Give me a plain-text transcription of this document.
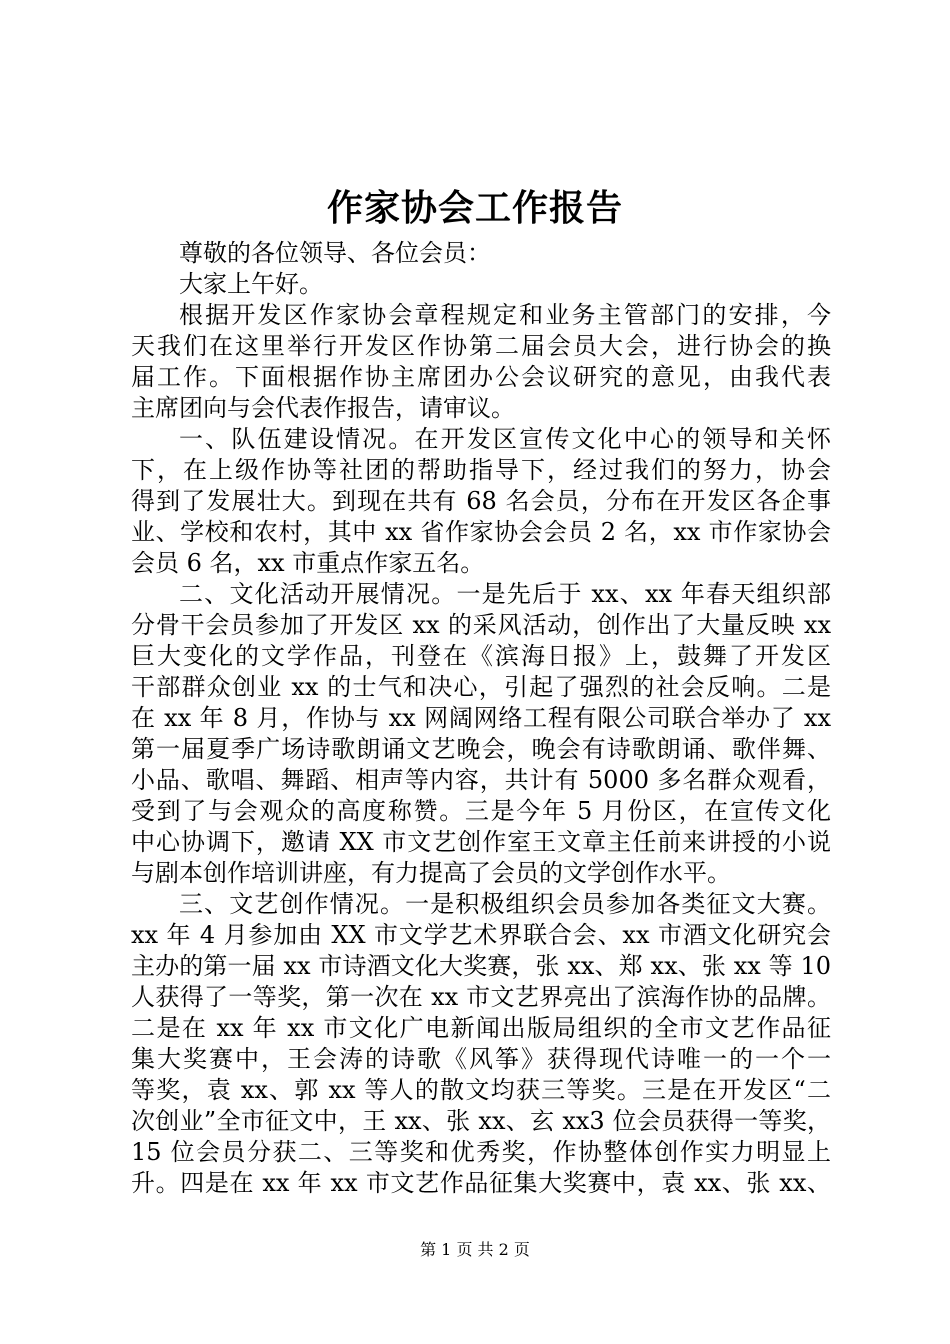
作家协会工作报告
尊敬的各位领导、各位会员：
大家上午好。
根据开发区作家协会章程规定和业务主管部门的安排，今
天我们在这里举行开发区作协第二届会员大会，进行协会的换
届工作。下面根据作协主席团办公会议研究的意见，由我代表
主席团向与会代表作报告，请审议。
一、队伍建设情况。在开发区宣传文化中心的领导和关怀
下，在上级作协等社团的帮助指导下，经过我们的努力，协会
得到了发展壮大。到现在共有 68 名会员，分布在开发区各企事
业、学校和农村，其中 xx 省作家协会会员 2 名，xx 市作家协会
会员 6 名，xx 市重点作家五名。
二、文化活动开展情况。一是先后于 xx、xx 年春天组织部
分骨干会员参加了开发区 xx 的采风活动，创作出了大量反映 xx
巨大变化的文学作品，刊登在《滨海日报》上，鼓舞了开发区
干部群众创业 xx 的士气和决心，引起了强烈的社会反响。二是
在 xx 年 8 月，作协与 xx 网阔网络工程有限公司联合举办了 xx
第一届夏季广场诗歌朗诵文艺晚会，晚会有诗歌朗诵、歌伴舞、
小品、歌唱、舞蹈、相声等内容，共计有 5000 多名群众观看，
受到了与会观众的高度称赞。三是今年 5 月份区，在宣传文化
中心协调下，邀请 XX 市文艺创作室王文章主任前来讲授的小说
与剧本创作培训讲座，有力提高了会员的文学创作水平。
三、文艺创作情况。一是积极组织会员参加各类征文大赛。
xx 年 4 月参加由 XX 市文学艺术界联合会、xx 市酒文化研究会
主办的第一届 xx 市诗酒文化大奖赛，张 xx、郑 xx、张 xx 等 10
人获得了一等奖，第一次在 xx 市文艺界亮出了滨海作协的品牌。
二是在 xx 年 xx 市文化广电新闻出版局组织的全市文艺作品征
集大奖赛中，王会涛的诗歌《风筝》获得现代诗唯一的一个一
等奖，袁 xx、郭 xx 等人的散文均获三等奖。三是在开发区“二
次创业”全市征文中，王 xx、张 xx、玄 xx3 位会员获得一等奖，
15 位会员分获二、三等奖和优秀奖，作协整体创作实力明显上
升。四是在 xx 年 xx 市文艺作品征集大奖赛中，袁 xx、张 xx、
第 1 页 共 2 页
